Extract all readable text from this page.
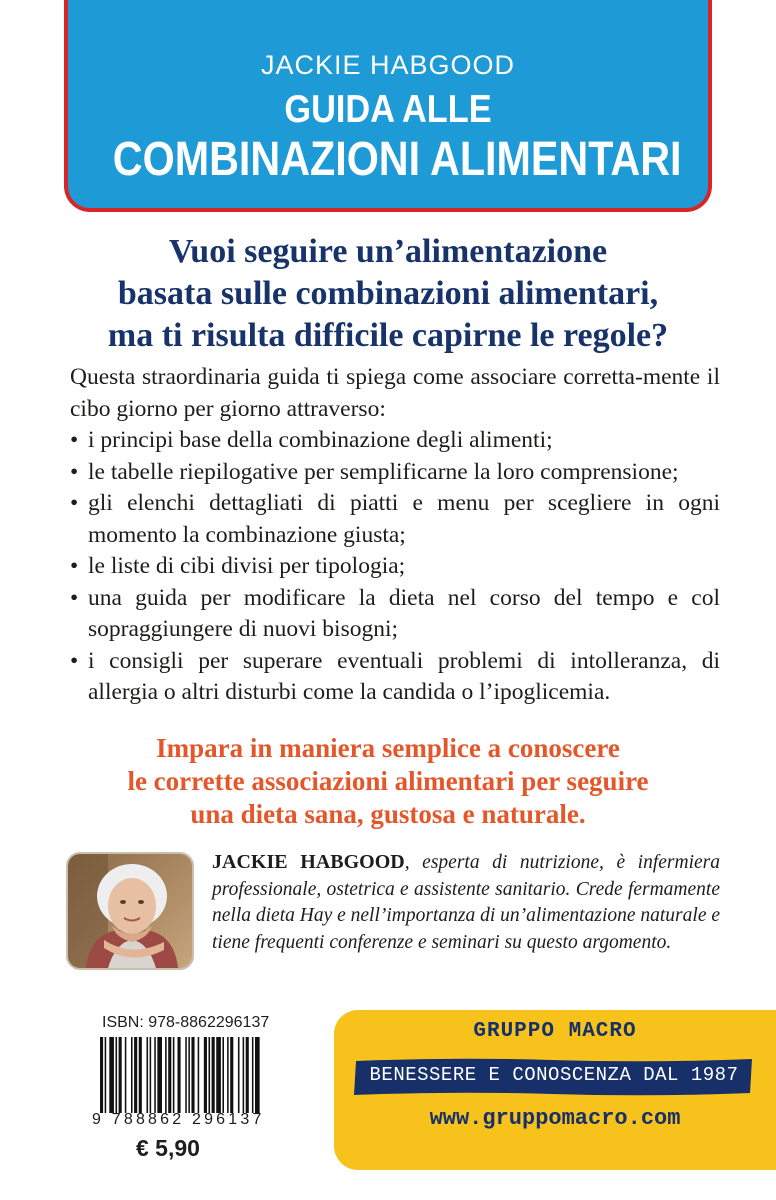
JACKIE HABGOOD
GUIDA ALLE
COMBINAZIONI ALIMENTARI
Vuoi seguire un’alimentazione
basata sulle combinazioni alimentari,
ma ti risulta difficile capirne le regole?

Questa straordinaria guida ti spiega come associare corretta-mente il cibo giorno per giorno attraverso:

• i principi base della combinazione degli alimenti;
• le tabelle riepilogative per semplificarne la loro comprensione;
• gli elenchi dettagliati di piatti e menu per scegliere in ogni momento la combinazione giusta;
• le liste di cibi divisi per tipologia;
• una guida per modificare la dieta nel corso del tempo e col sopraggiungere di nuovi bisogni;
• i consigli per superare eventuali problemi di intolleranza, di allergia o altri disturbi come la candida o l’ipoglicemia.
Impara in maniera semplice a conoscere
le corrette associazioni alimentari per seguire
una dieta sana, gustosa e naturale.
JACKIE HABGOOD, esperta di nutrizione, è infermiera professionale, ostetrica e assistente sanitario. Crede fermamente nella dieta Hay e nell’importanza di un’alimentazione naturale e tiene frequenti conferenze e seminari su questo argomento.
ISBN: 978-8862296137
9 788862 296137
€ 5,90
GRUPPO MACRO
BENESSERE E CONOSCENZA DAL 1987
www.gruppomacro.com
